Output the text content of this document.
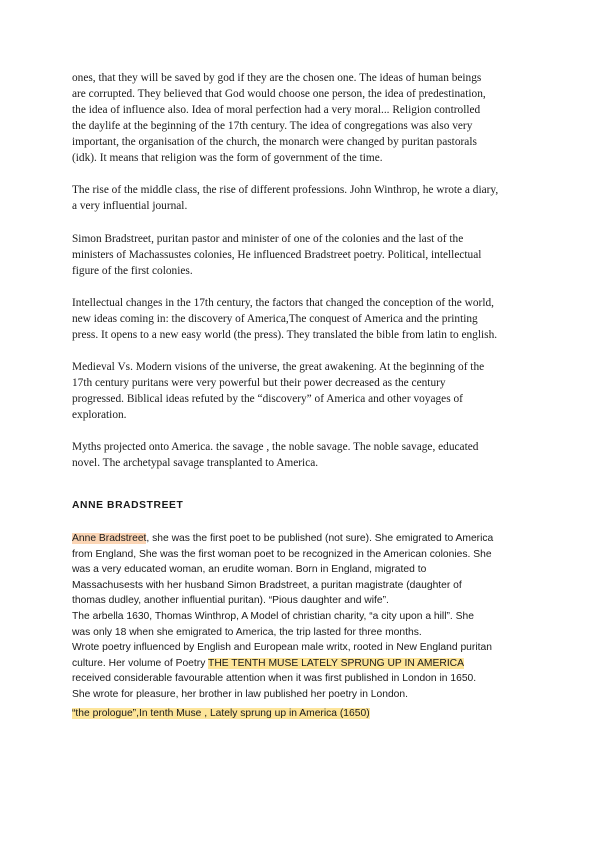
ones, that they will be saved by god if they are the chosen one. The ideas of human beings
are corrupted. They believed that God would choose one person, the idea of predestination,
the idea of influence also. Idea of moral perfection had a very moral... Religion controlled
the daylife at the beginning of the 17th century. The idea of congregations was also very
important, the organisation of the church, the monarch were changed by puritan pastorals
(idk). It means that religion was the form of government of the time.

The rise of the middle class, the rise of different professions. John Winthrop, he wrote a diary,
a very influential journal.

Simon Bradstreet, puritan pastor and minister of one of the colonies and the last of the
ministers of Machassustes colonies, He influenced Bradstreet poetry. Political, intellectual
figure of the first colonies.

Intellectual changes in the 17th century, the factors that changed the conception of the world,
new ideas coming in: the discovery of America,The conquest of America and the printing
press. It opens to a new easy world (the press). They translated the bible from latin to english.

Medieval Vs. Modern visions of the universe, the great awakening. At the beginning of the
17th century puritans were very powerful but their power decreased as the century
progressed. Biblical ideas refuted by the “discovery” of America and other voyages of
exploration.

Myths projected onto America. the savage , the noble savage. The noble savage, educated
novel. The archetypal savage transplanted to America.

ANNE BRADSTREET

Anne Bradstreet, she was the first poet to be published (not sure). She emigrated to America
from England, She was the first woman poet to be recognized in the American colonies. She
was a very educated woman, an erudite woman. Born in England, migrated to
Massachusests with her husband Simon Bradstreet, a puritan magistrate (daughter of
thomas dudley, another influential puritan). “Pious daughter and wife”.
The arbella 1630, Thomas Winthrop, A Model of christian charity, “a city upon a hill”. She
was only 18 when she emigrated to America, the trip lasted for three months.
Wrote poetry influenced by English and European male writx, rooted in New England puritan
culture. Her volume of Poetry THE TENTH MUSE LATELY SPRUNG UP IN AMERICA
received considerable favourable attention when it was first published in London in 1650.
She wrote for pleasure, her brother in law published her poetry in London.

“the prologue”,In tenth Muse , Lately sprung up in America (1650)
